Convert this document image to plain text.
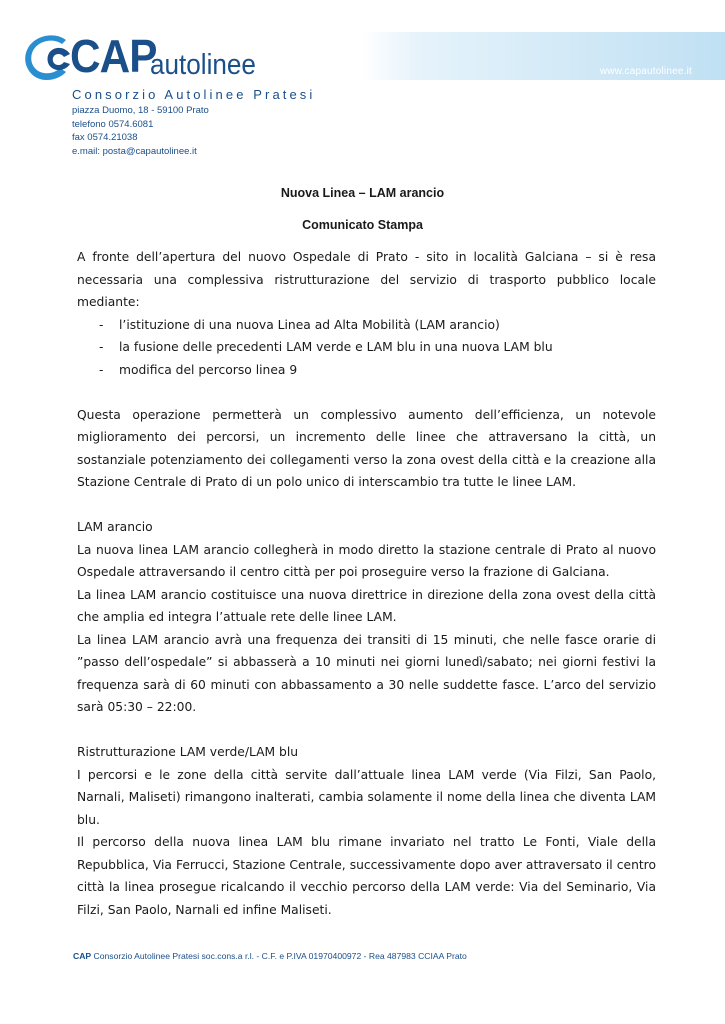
www.capautolinee.it
CAP
autolinee
Consorzio Autolinee Pratesi
piazza Duomo, 18 - 59100 Prato
telefono 0574.6081
fax 0574.21038
e.mail: posta@capautolinee.it
Nuova Linea – LAM arancio
Comunicato Stampa

A fronte dell’apertura del nuovo Ospedale di Prato - sito in località Galciana – si è resa necessaria una complessiva ristrutturazione del servizio di trasporto pubblico locale mediante:

- l’istituzione di una nuova Linea ad Alta Mobilità (LAM arancio)
- la fusione delle precedenti LAM verde e LAM blu in una nuova LAM blu
- modifica del percorso linea 9

Questa operazione permetterà un complessivo aumento dell’efficienza, un notevole miglioramento dei percorsi, un incremento delle linee che attraversano la città, un sostanziale potenziamento dei collegamenti verso la zona ovest della città e la creazione alla Stazione Centrale di Prato di un polo unico di interscambio tra tutte le linee LAM.

LAM arancio

La nuova linea LAM arancio collegherà in modo diretto la stazione centrale di Prato al nuovo Ospedale attraversando il centro città per poi proseguire verso la frazione di Galciana.

La linea LAM arancio costituisce una nuova direttrice in direzione della zona ovest della città che amplia ed integra l’attuale rete delle linee LAM.

La linea LAM arancio avrà una frequenza dei transiti di 15 minuti, che nelle fasce orarie di ”passo dell’ospedale” si abbasserà a 10 minuti nei giorni lunedì/sabato; nei giorni festivi la frequenza sarà di 60 minuti con abbassamento a 30 nelle suddette fasce. L’arco del servizio sarà 05:30 – 22:00.

Ristrutturazione LAM verde/LAM blu

I percorsi e le zone della città servite dall’attuale linea LAM verde (Via Filzi, San Paolo, Narnali, Maliseti) rimangono inalterati, cambia solamente il nome della linea che diventa LAM blu.

Il percorso della nuova linea LAM blu rimane invariato nel tratto Le Fonti, Viale della Repubblica, Via Ferrucci, Stazione Centrale, successivamente dopo aver attraversato il centro città la linea prosegue ricalcando il vecchio percorso della LAM verde: Via del Seminario, Via Filzi, San Paolo, Narnali ed infine Maliseti.

CAP Consorzio Autolinee Pratesi soc.cons.a r.l. - C.F. e P.IVA 01970400972 - Rea 487983 CCIAA Prato
